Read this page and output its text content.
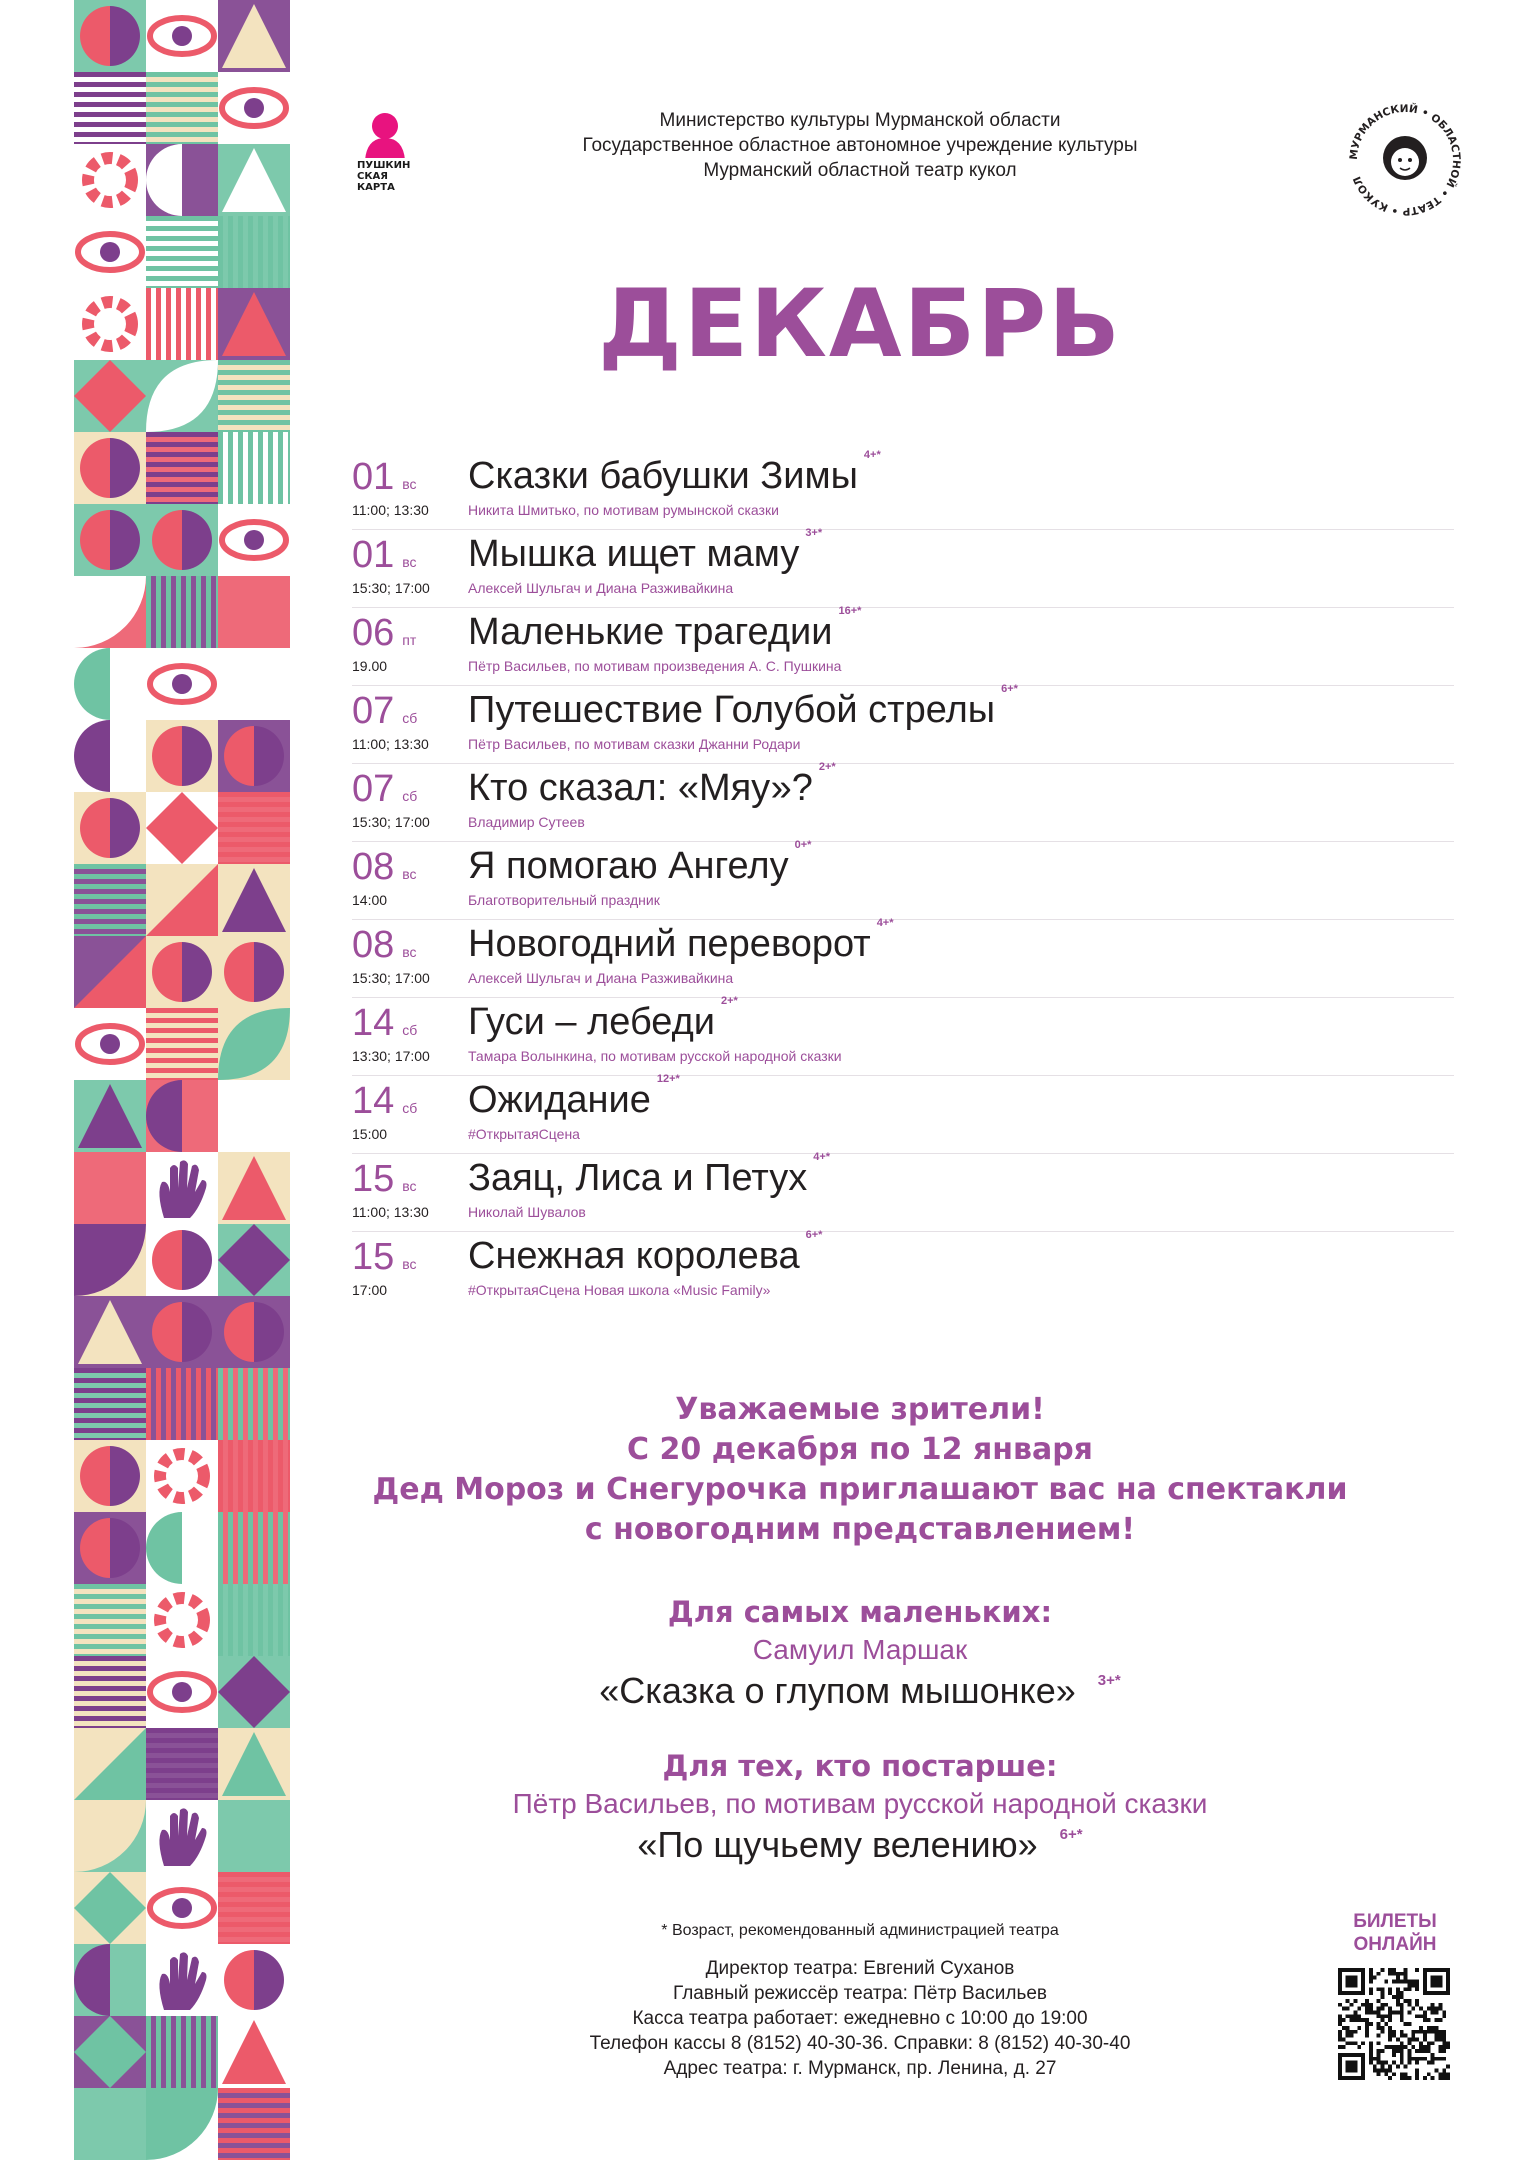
ПУШКИН
СКАЯ
КАРТА
Министерство культуры Мурманской области
Государственное областное автономное учреждение культуры
Мурманский областной театр кукол
МУРМАНСКИЙ • ОБЛАСТНОЙ • ТЕАТР • КУКОЛ
ДЕКАБРЬ
01 вс
11:00; 13:30
Сказки бабушки Зимы $^{4+*}$
Никита Шмитько, по мотивам румынской сказки
01 вс
15:30; 17:00
Мышка ищет маму $^{3+*}$
Алексей Шульгач и Диана Разживайкина
06 пт
19.00
Маленькие трагедии $^{16+*}$
Пётр Васильев, по мотивам произведения А. С. Пушкина
07 сб
11:00; 13:30
Путешествие Голубой стрелы $^{6+*}$
Пётр Васильев, по мотивам сказки Джанни Родари
07 сб
15:30; 17:00
Кто сказал: «Мяу»? $^{2+*}$
Владимир Сутеев
08 вс
14:00
Я помогаю Ангелу $^{0+*}$
Благотворительный праздник
08 вс
15:30; 17:00
Новогодний переворот $^{4+*}$
Алексей Шульгач и Диана Разживайкина
14 сб
13:30; 17:00
Гуси – лебеди $^{2+*}$
Тамара Волынкина, по мотивам русской народной сказки
14 сб
15:00
Ожидание $^{12+*}$
#ОткрытаяСцена
15 вс
11:00; 13:30
Заяц, Лиса и Петух $^{4+*}$
Николай Шувалов
15 вс
17:00
Снежная королева $^{6+*}$
#ОткрытаяСцена Новая школа «Music Family»
Уважаемые зрители!
С 20 декабря по 12 января
Дед Мороз и Снегурочка приглашают вас на спектакли
с новогодним представлением!
Для самых маленьких:
Самуил Маршак
«Сказка о глупом мышонке» $^{3+*}$
Для тех, кто постарше:
Пётр Васильев, по мотивам русской народной сказки
«По щучьему велению» $^{6+*}$
* Возраст, рекомендованный администрацией театра
Директор театра: Евгений Суханов
Главный режиссёр театра: Пётр Васильев
Касса театра работает: ежедневно с 10:00 до 19:00
Телефон кассы 8 (8152) 40-30-36. Справки: 8 (8152) 40-30-40
Адрес театра: г. Мурманск, пр. Ленина, д. 27
БИЛЕТЫ
ОНЛАЙН
